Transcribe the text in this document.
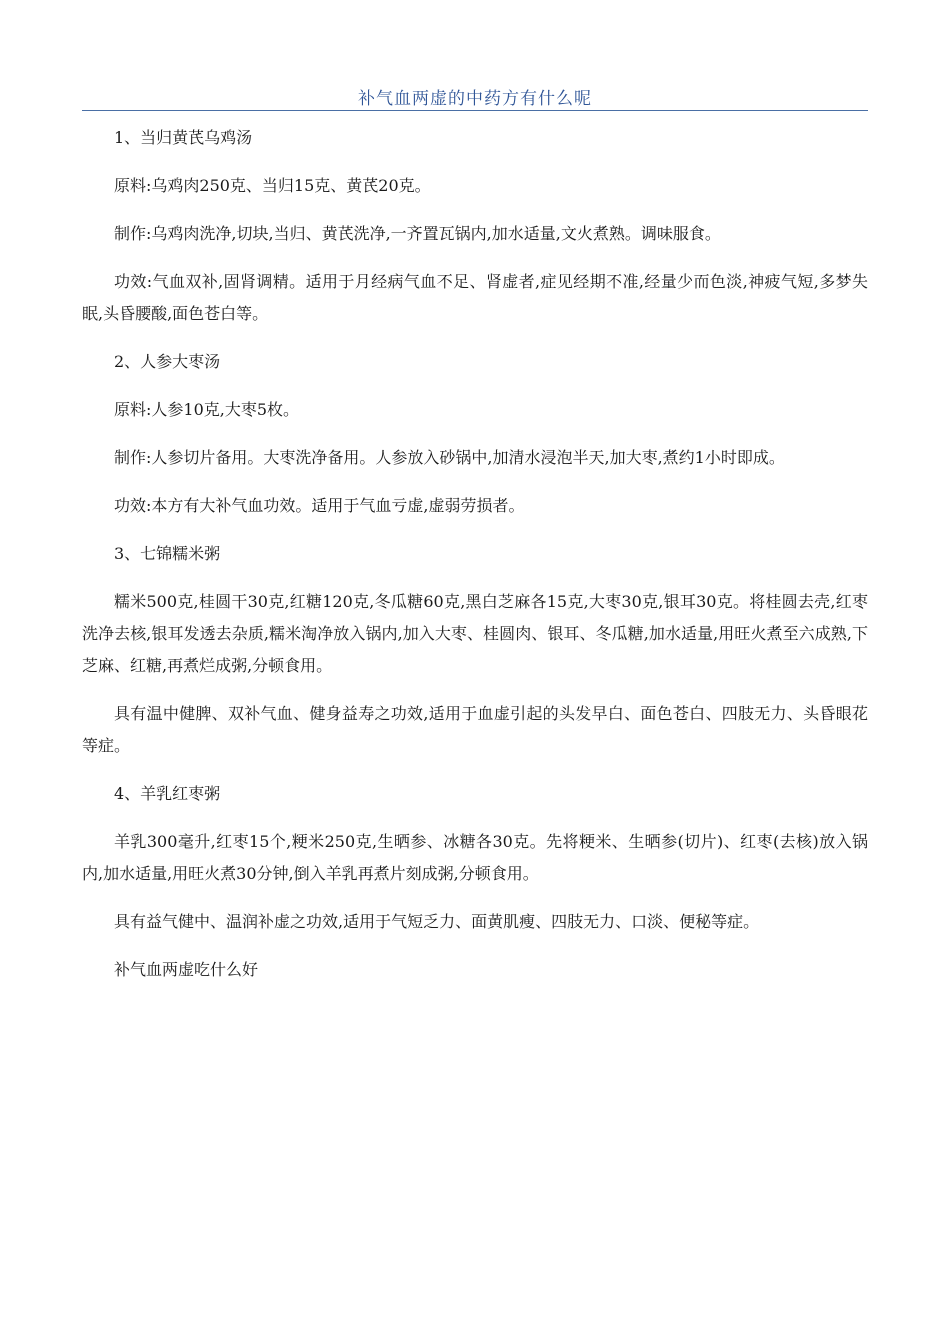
补气血两虚的中药方有什么呢

1、当归黄芪乌鸡汤

原料:乌鸡肉250克、当归15克、黄芪20克。

制作:乌鸡肉洗净,切块,当归、黄芪洗净,一齐置瓦锅内,加水适量,文火煮熟。调味服食。

功效:气血双补,固肾调精。适用于月经病气血不足、肾虚者,症见经期不准,经量少而色淡,神疲气短,多梦失眠,头昏腰酸,面色苍白等。

2、人参大枣汤

原料:人参10克,大枣5枚。

制作:人参切片备用。大枣洗净备用。人参放入砂锅中,加清水浸泡半天,加大枣,煮约1小时即成。

功效:本方有大补气血功效。适用于气血亏虚,虚弱劳损者。

3、七锦糯米粥

糯米500克,桂圆干30克,红糖120克,冬瓜糖60克,黑白芝麻各15克,大枣30克,银耳30克。将桂圆去壳,红枣洗净去核,银耳发透去杂质,糯米淘净放入锅内,加入大枣、桂圆肉、银耳、冬瓜糖,加水适量,用旺火煮至六成熟,下芝麻、红糖,再煮烂成粥,分顿食用。

具有温中健脾、双补气血、健身益寿之功效,适用于血虚引起的头发早白、面色苍白、四肢无力、头昏眼花等症。

4、羊乳红枣粥

羊乳300毫升,红枣15个,粳米250克,生晒参、冰糖各30克。先将粳米、生晒参(切片)、红枣(去核)放入锅内,加水适量,用旺火煮30分钟,倒入羊乳再煮片刻成粥,分顿食用。

具有益气健中、温润补虚之功效,适用于气短乏力、面黄肌瘦、四肢无力、口淡、便秘等症。

补气血两虚吃什么好
